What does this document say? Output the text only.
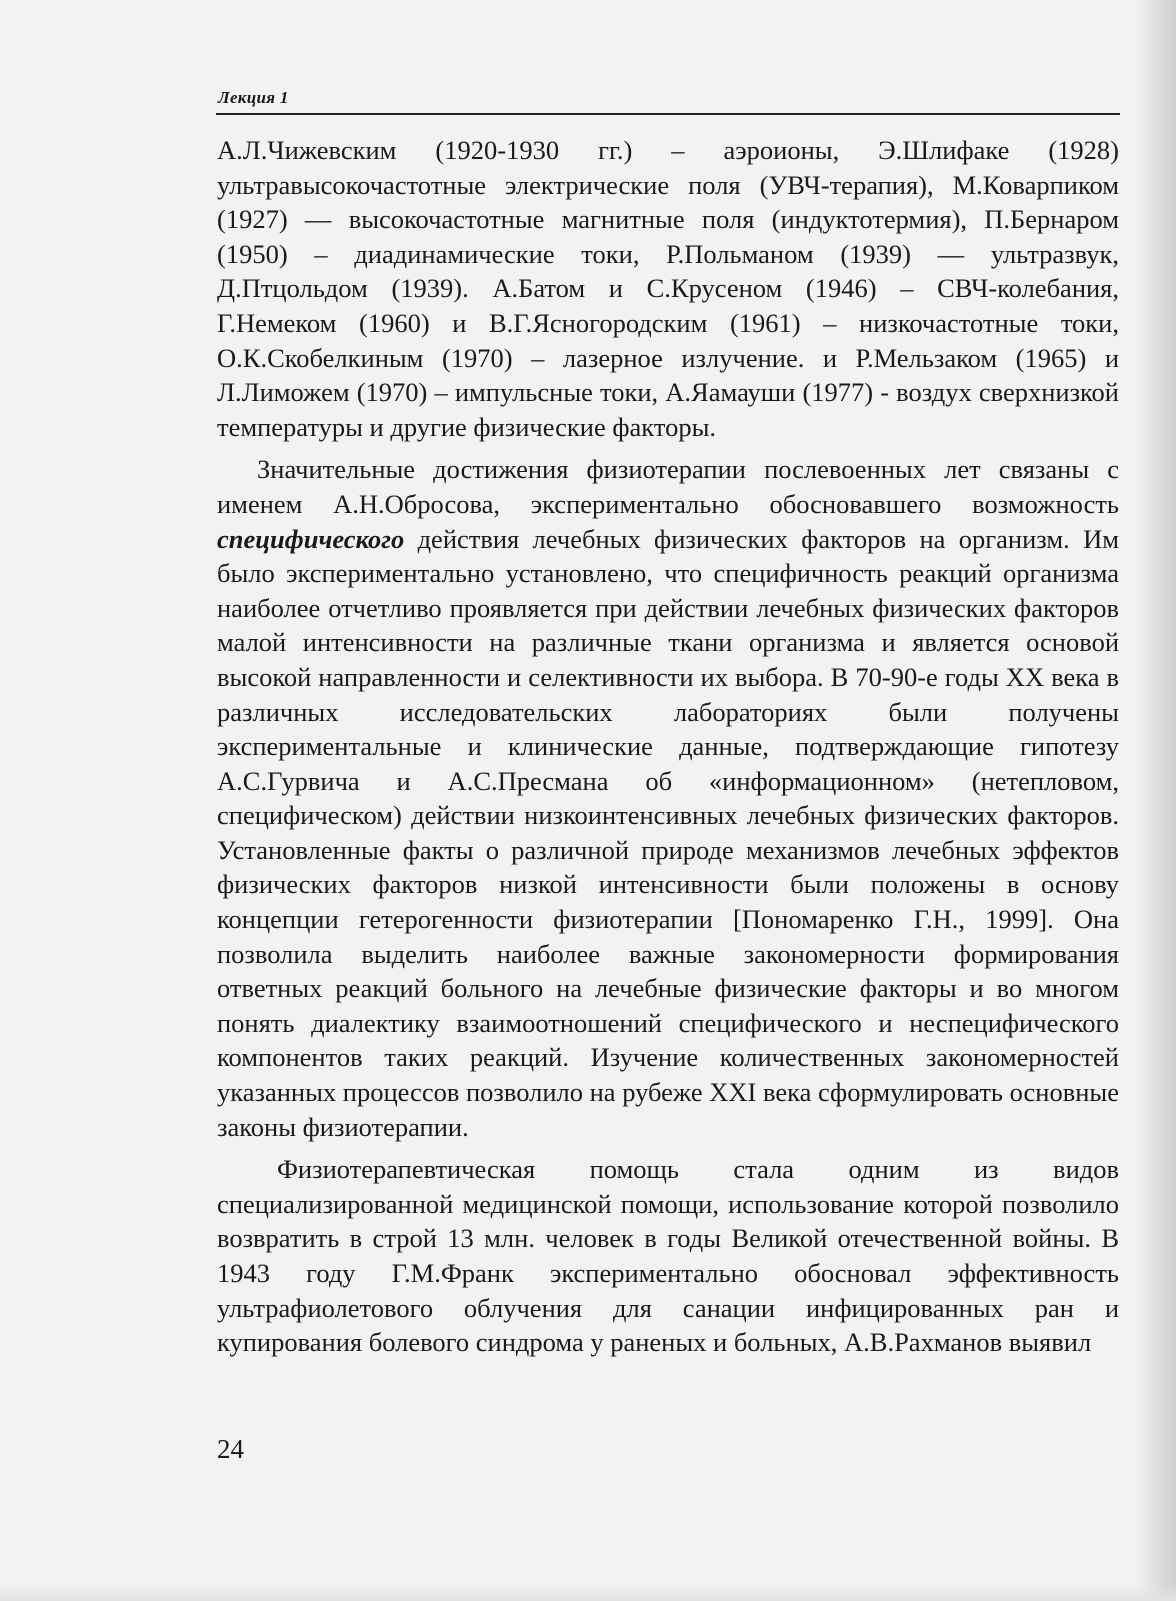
Лекция 1

А.Л.Чижевским (1920-1930 гг.) – аэроионы, Э.Шлифаке (1928) ультравысокочастотные электрические поля (УВЧ-терапия), М.Коварпиком (1927) — высокочастотные магнитные поля (индуктотермия), П.Бернаром (1950) – диадинамические токи, Р.Польманом (1939) — ультразвук, Д.Птцольдом (1939). А.Батом и С.Крусеном (1946) – СВЧ-колебания, Г.Немеком (1960) и В.Г.Ясногородским (1961) – низкочастотные токи, О.К.Скобелкиным (1970) – лазерное излучение. и Р.Мельзаком (1965) и Л.Лиможем (1970) – импульсные токи, А.Яамауши (1977) - воздух сверхнизкой температуры и другие физические факторы.

Значительные достижения физиотерапии послевоенных лет связаны с именем А.Н.Обросова, экспериментально обосновавшего возможность специфического действия лечебных физических факторов на организм. Им было экспериментально установлено, что специфичность реакций организма наиболее отчетливо проявляется при действии лечебных физических факторов малой интенсивности на различные ткани организма и является основой высокой направленности и селективности их выбора. В 70-90-е годы XX века в различных исследовательских лабораториях были получены экспериментальные и клинические данные, подтверждающие гипотезу А.С.Гурвича и А.С.Пресмана об «информационном» (нетепловом, специфическом) действии низкоинтенсивных лечебных физических факторов. Установленные факты о различной природе механизмов лечебных эффектов физических факторов низкой интенсивности были положены в основу концепции гетерогенности физиотерапии [Пономаренко Г.Н., 1999]. Она позволила выделить наиболее важные закономерности формирования ответных реакций больного на лечебные физические факторы и во многом понять диалектику взаимоотношений специфического и неспецифического компонентов таких реакций. Изучение количественных закономерностей указанных процессов позволило на рубеже XXI века сформулировать основные законы физиотерапии.

Физиотерапевтическая помощь стала одним из видов специализированной медицинской помощи, использование которой позволило возвратить в строй 13 млн. человек в годы Великой отечественной войны. В 1943 году Г.М.Франк экспериментально обосновал эффективность ультрафиолетового облучения для санации инфицированных ран и купирования болевого синдрома у раненых и больных, А.В.Рахманов выявил

24
